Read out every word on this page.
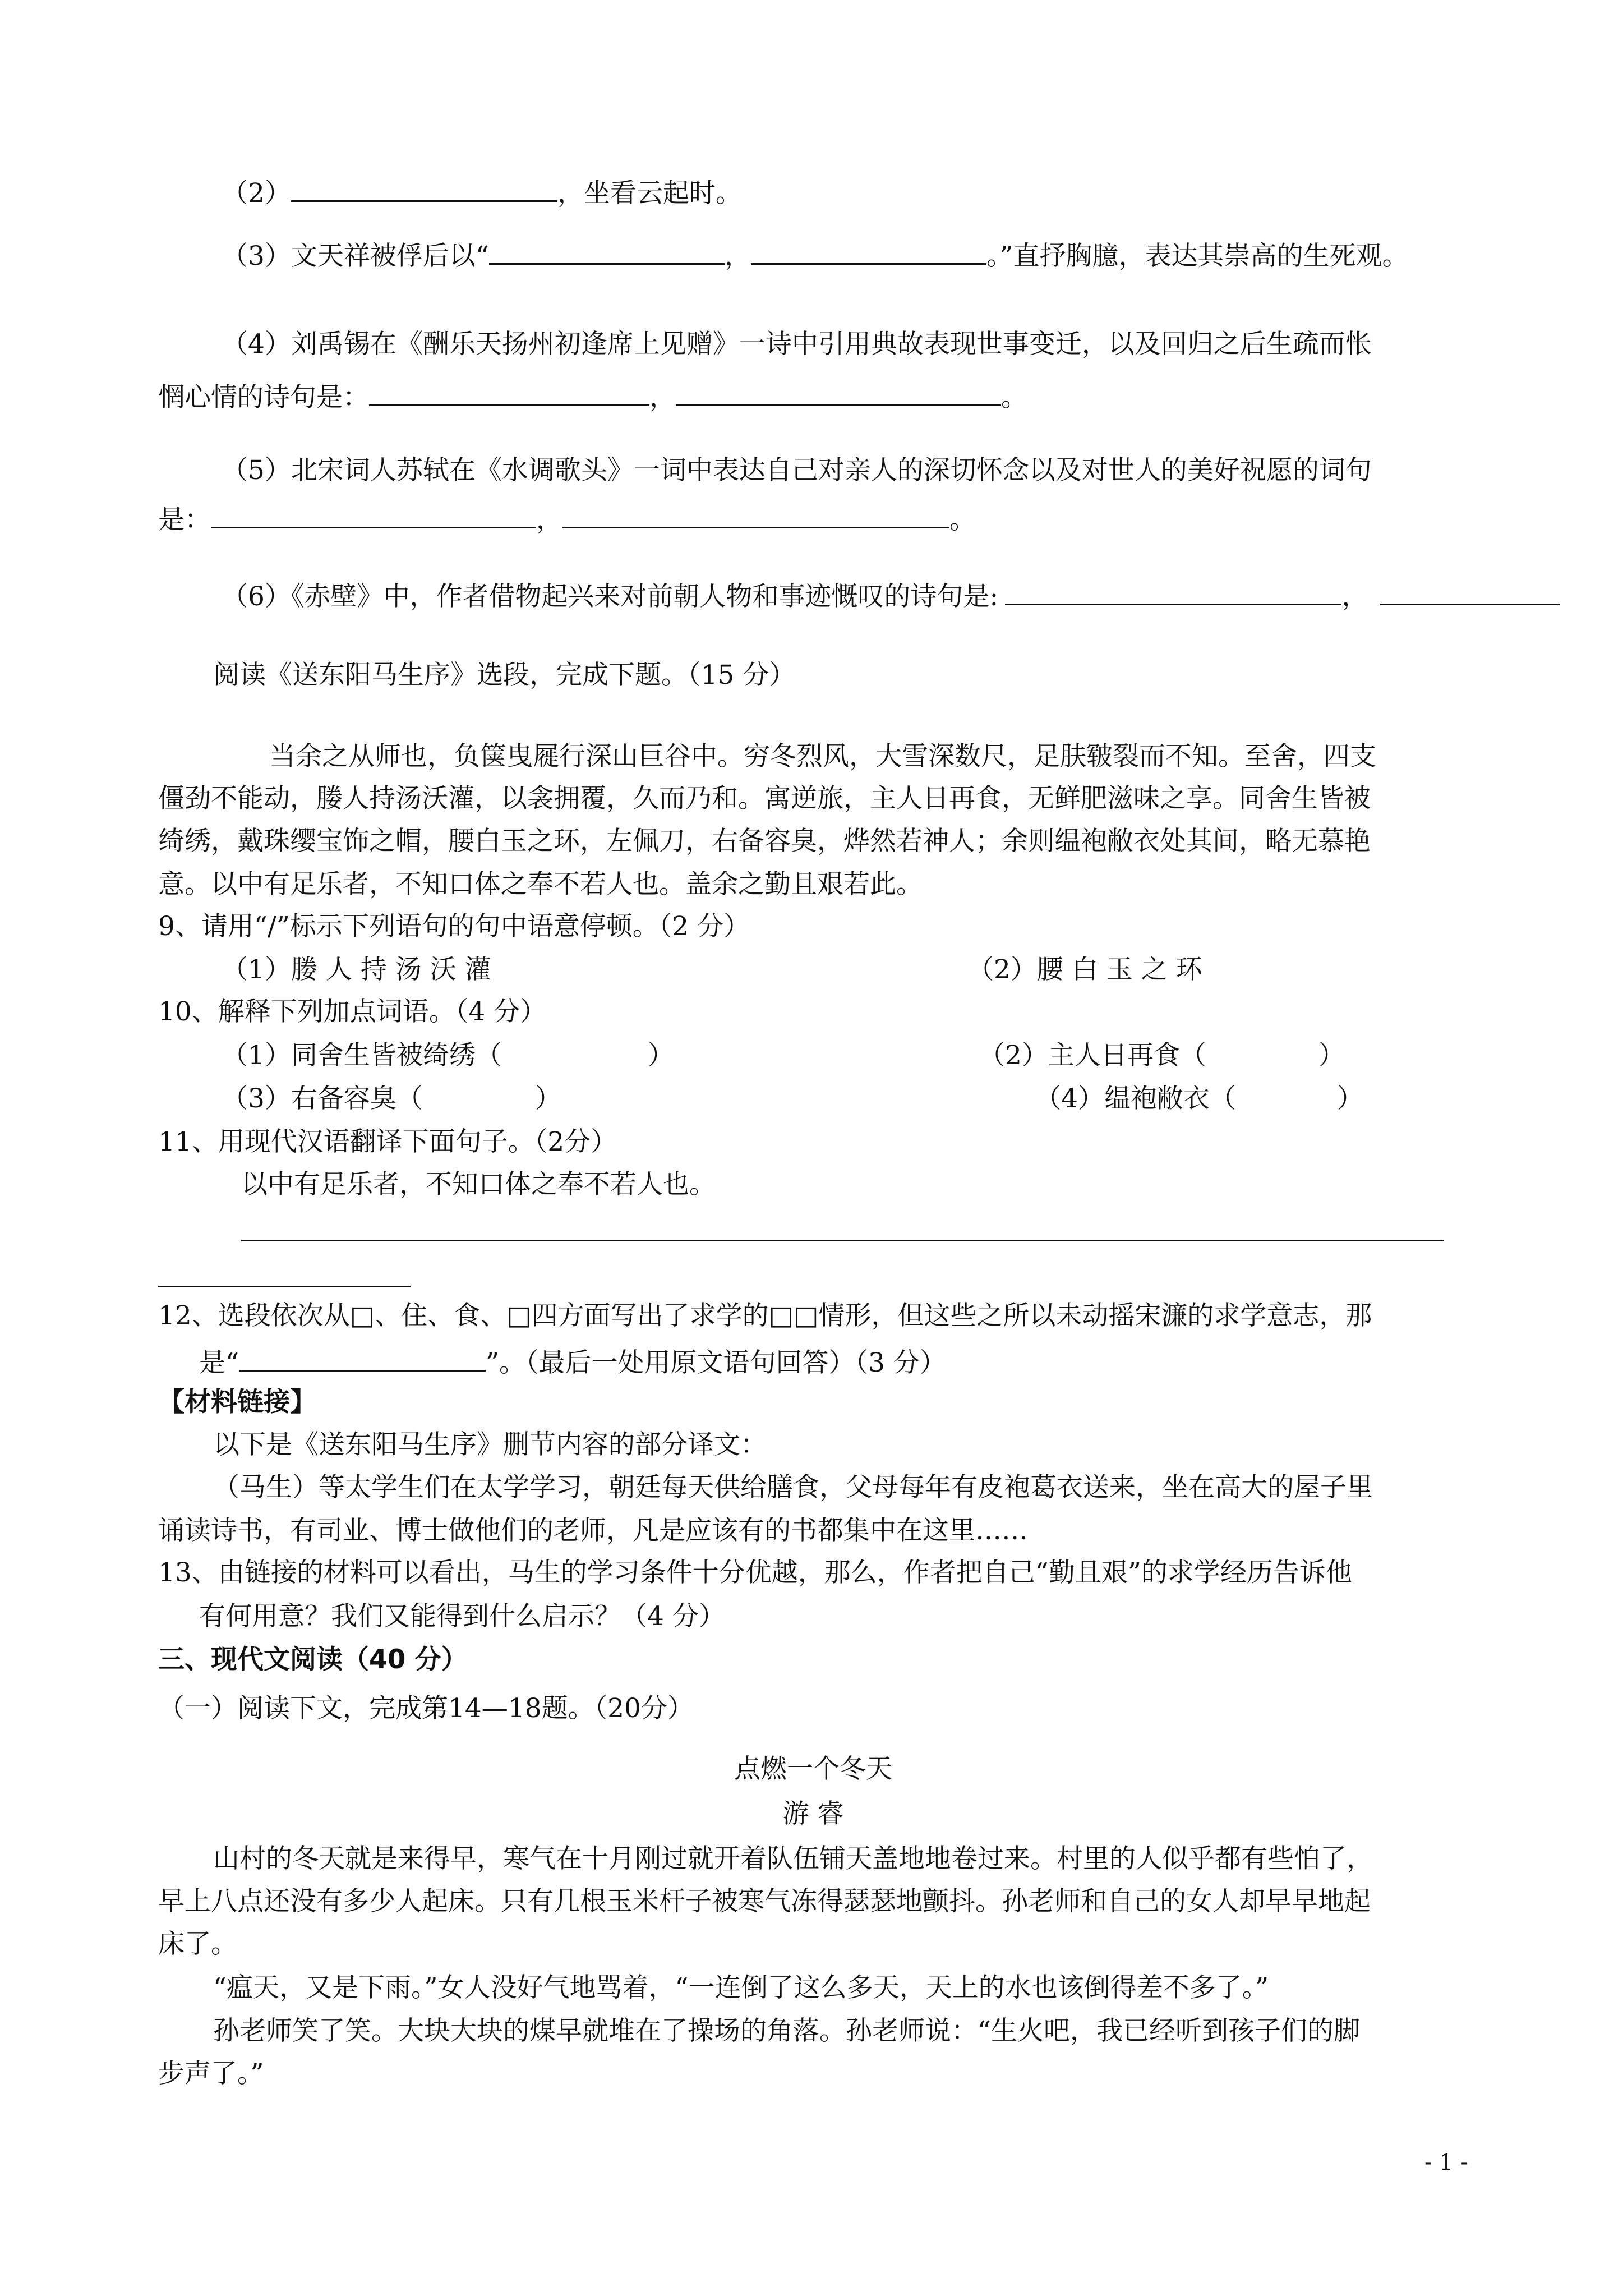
（2）	，坐看云起时。
（3）文天祥被俘后以“	，	。”直抒胸臆，表达其崇高的生死观。
（4）刘禹锡在《酬乐天扬州初逢席上见赠》一诗中引用典故表现世事变迁，以及回归之后生疏而怅
惘心情的诗句是：	，	。
（5）北宋词人苏轼在《水调歌头》一词中表达自己对亲人的深切怀念以及对世人的美好祝愿的词句
是：	，	。
（6）《赤壁》中，作者借物起兴来对前朝人物和事迹慨叹的诗句是:	，
阅读《送东阳马生序》选段，完成下题。（15 分）
当余之从师也，负箧曳屣行深山巨谷中。穷冬烈风，大雪深数尺，足肤皲裂而不知。至舍，四支
僵劲不能动，媵人持汤沃灌，以衾拥覆，久而乃和。寓逆旅，主人日再食，无鲜肥滋味之享。同舍生皆被
绮绣，戴珠缨宝饰之帽，腰白玉之环，左佩刀，右备容臭，烨然若神人；余则缊袍敝衣处其间，略无慕艳
意。以中有足乐者，不知口体之奉不若人也。盖余之勤且艰若此。
9、请用“/”标示下列语句的句中语意停顿。（2 分）
（1）媵 人 持 汤 沃 灌	（2）腰 白 玉 之 环
10、解释下列加点词语。（4 分）
（1）同舍生皆被绮绣（	）	（2）主人日再食（	）
（3）右备容臭（	）	（4）缊袍敝衣（	）
11、用现代汉语翻译下面句子。（2分）
以中有足乐者，不知口体之奉不若人也。
12、选段依次从□、住、食、□四方面写出了求学的□□情形，但这些之所以未动摇宋濂的求学意志，那
是“	”。（最后一处用原文语句回答）（3 分）
【材料链接】
以下是《送东阳马生序》删节内容的部分译文：
（马生）等太学生们在太学学习，朝廷每天供给膳食，父母每年有皮袍葛衣送来，坐在高大的屋子里
诵读诗书，有司业、博士做他们的老师，凡是应该有的书都集中在这里……
13、由链接的材料可以看出，马生的学习条件十分优越，那么，作者把自己“勤且艰”的求学经历告诉他
有何用意？我们又能得到什么启示？（4 分）
三、现代文阅读（40 分）
（一）阅读下文，完成第14—18题。（20分）
点燃一个冬天
游 睿
山村的冬天就是来得早，寒气在十月刚过就开着队伍铺天盖地地卷过来。村里的人似乎都有些怕了，
早上八点还没有多少人起床。只有几根玉米杆子被寒气冻得瑟瑟地颤抖。孙老师和自己的女人却早早地起
床了。
“瘟天，又是下雨。”女人没好气地骂着，“一连倒了这么多天，天上的水也该倒得差不多了。”
孙老师笑了笑。大块大块的煤早就堆在了操场的角落。孙老师说：“生火吧，我已经听到孩子们的脚
步声了。”
- 1 -
